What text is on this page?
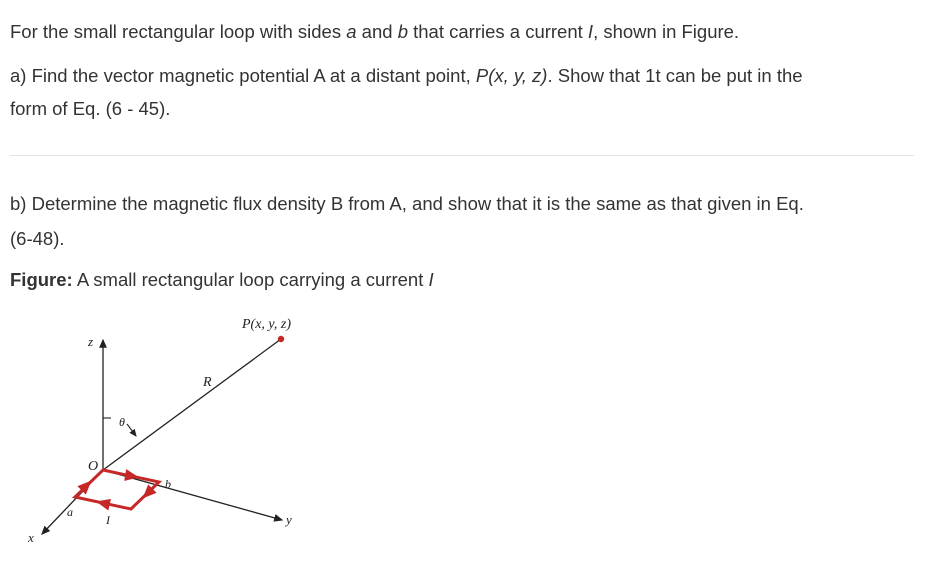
For the small rectangular loop with sides a and b that carries a current I, shown in Figure.
a) Find the vector magnetic potential A at a distant point, P(x, y, z). Show that 1t can be put in the
form of Eq. (6 - 45).
b) Determine the magnetic flux density B from A, and show that it is the same as that given in Eq.
(6-48).
Figure: A small rectangular loop carrying a current I
z
x
y
R
P(x, y, z)
θ
O
a
b
I
